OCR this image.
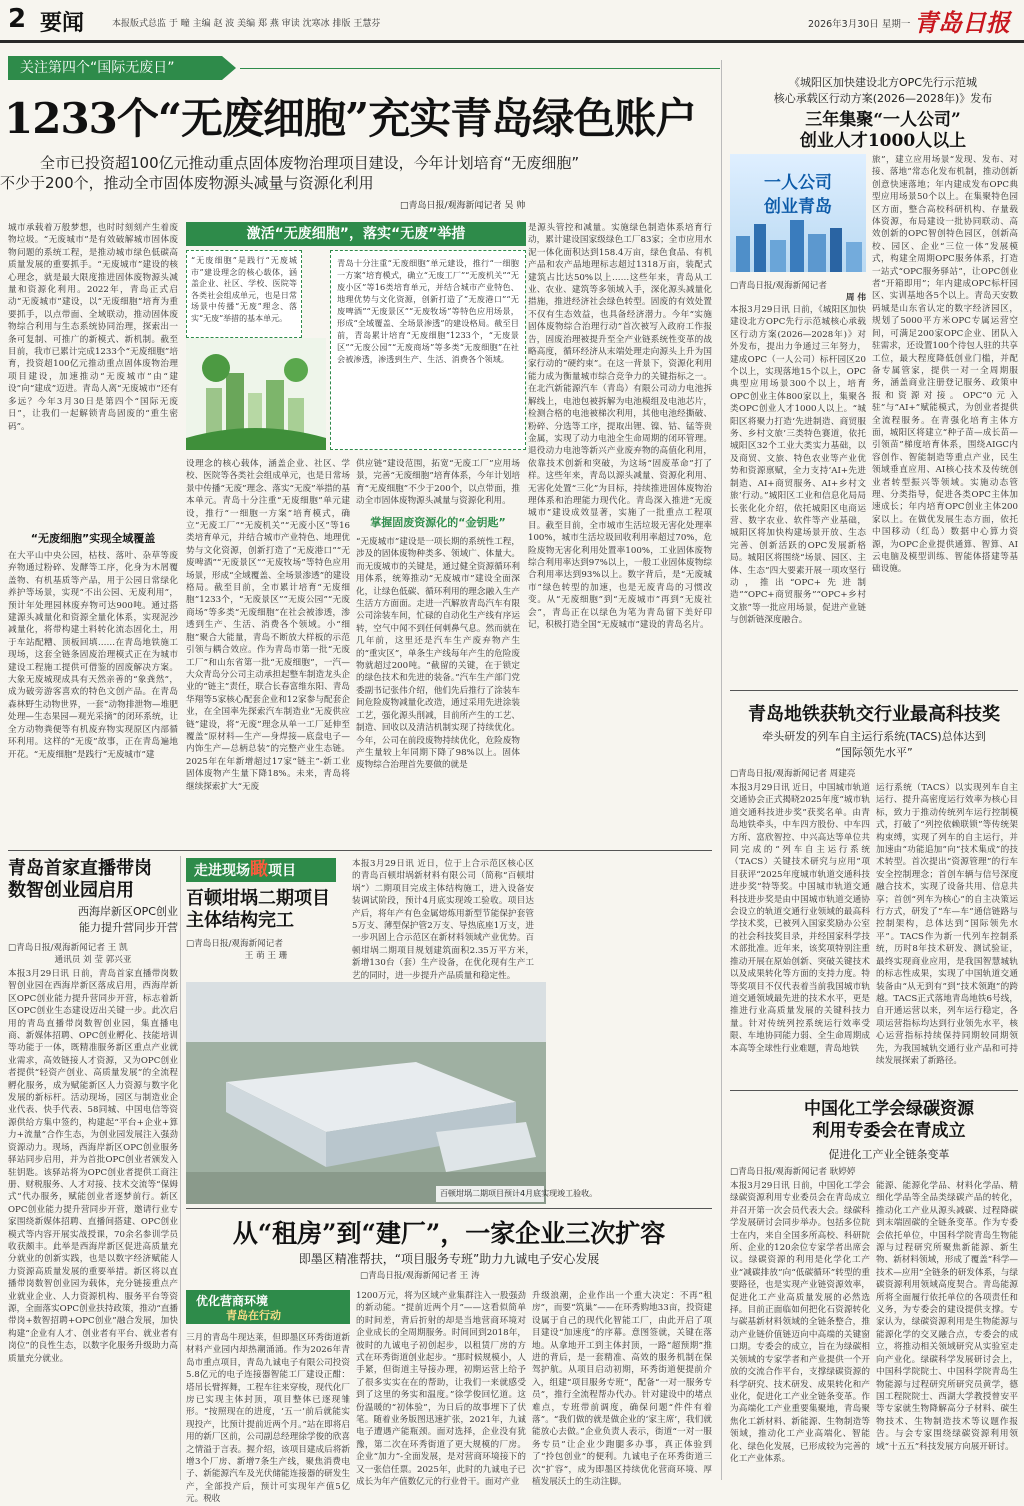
2 要闻	本报版式总监 于 疃 主编 赵 波 美编 郑 燕 审读 沈寒冰 排版 王慧芬	2026年3月30日 星期一 青岛日报
关注第四个“国际无废日”
1233个“无废细胞”充实青岛绿色账户
全市已投资超100亿元推动重点固体废物治理项目建设，今年计划培育“无废细胞”
不少于200个，推动全市固体废物源头减量与资源化利用
□青岛日报/观海新闻记者 吴 帅
城市承载着万般梦想，也时时刻刻产生着废物垃圾。“无废城市”是有效破解城市固体废物问题的系统工程，是推动城市绿色低碳高质量发展的重要抓手。“无废城市”建设的核心理念，就是最大限度推进固体废物源头减量和资源化利用。2022年，青岛正式启动“无废城市”建设，以“无废细胞”培育为重要抓手，以点带面、全域联动，推动固体废物综合利用与生态系统协同治理，探索出一条可复制、可推广的新模式、新机制。截至目前，我市已累计完成1233个“无废细胞”培育，投资超100亿元推动重点固体废物治理项目建设，加速推动“无废城市”由“建设”向“建成”迈进。青岛人离“无废城市”还有多远？今年3月30日是第四个“国际无废日”，让我们一起解锁青岛固废的“重生密码”。
“无废细胞”实现全域覆盖
在大平山中央公园，枯枝、落叶、杂草等废弃物通过粉碎、发酵等工序，化身为木屑覆盖物、有机基质等产品，用于公园日常绿化养护等场景，实现“不出公园、无废利用”，预计年处理园林废弃物可达900吨。通过搭建源头减量化和资源全量化体系，实现泥沙减量化，将带构建土料转化流态固化土，用于车站配糟、顶板回填……在青岛地铁施工现场，这套全链条固废治理模式正在为城市建设工程施工提供可借鉴的固废解决方案。大象无废城现成具有天然亲善的“象龚然”，成为破旁游客喜欢的特色文创产品。在青岛森林野生动物世界，一套“动物排泄物—堆肥处理—生态果园—观光采摘”的闭环系统，让全方动物粪便等有机废弃物实现原区内部循环利用。这样的“无废”故事，正在青岛遍地开花。“无废细胞”是践行“无废城市”建
激活“无废细胞”，落实“无废”举措
“无废细胞”是践行“无废城市”建设理念的核心载体，涵盖企业、社区、学校、医院等各类社会组成单元，也是日常场景中传播“无废”理念、落实“无废”举措的基本单元。
青岛十分注重“无废细胞”单元建设，推行“一细胞一方案”培育模式，确立“无废工厂”“无废机关”“无废小区”等16类培育单元，并结合城市产业特色、地理优势与文化资源，创新打造了“无废港口”“无废啤酒”“无废景区”“无废牧场”等特色应用场景，形成“全域覆盖、全场景渗透”的建设格局。截至目前，青岛累计培育“无废细胞”1233个，“无废景区”“无废公园”“无废商场”等多类“无废细胞”在社会被渗透，渗透到生产、生活、消费各个领域。
设理念的核心载体，涵盖企业、社区、学校、医院等各类社会组成单元，也是日常场景中传播“无废”理念、落实“无废”举措的基本单元。青岛十分注重“无废细胞”单元建设，推行“一细胞一方案”培育模式，确立“无废工厂”“无废机关”“无废小区”等16类培育单元，并结合城市产业特色、地理优势与文化资源，创新打造了“无废港口”“无废啤酒”“无废景区”“无废牧场”等特色应用场景，形成“全域覆盖、全场景渗透”的建设格局。截至目前，全市累计培育“无废细胞”1233个，“无废景区”“无废公园”“无废商场”等多类“无废细胞”在社会被渗透，渗透到生产、生活、消费各个领域。小“细胞”聚合大能量，青岛不断放大样板的示范引领与耦合效应。作为青岛市第一批“无废工厂”和山东省第一批“无废细胞”，一汽—大众青岛分公司主动承担起整车制造龙头企业的“链主”责任，联合长春富维东阳、青岛华翔等5家核心配套企业和12家参与配套企业，在全国率先探索汽车制造业“无废供应链”建设，将“无废”理念从单一工厂延伸至覆盖“原材料—生产—身焊接—底盘电子—内饰生产—总柄总装”的完整产业生态链。2025年在年新增超过17家“链主”-新工业固体废物产生量下降18%。未来，青岛将继续探索扩大“无废
供应链”建设范围，拓宽“无废工厂”应用场景，完善“无废细胞”培育体系，今年计划培育“无废细胞”不少于200个，以点带面，推动全市固体废物源头减量与资源化利用。
掌握固废资源化的“金钥匙”
“无废城市”建设是一项长期的系统性工程，涉及的固体废物种类多、领域广、体量大。而无废城市的关键是，通过健全资源循环利用体系，统筹推动“无废城市”建设全面深化，让绿色低碳、循环利用的理念融入生产生活方方面面。走进一汽解放青岛汽车有限公司涂装车间，忙碌的自动化生产线有序运转，空气中闻不到任何刺鼻气息。然而就在几年前，这里还是汽车生产废弃物产生的“重灾区”，单条生产线每年产生的危险废物就超过200吨。“截留的关键，在于锁定的绿色技术和先进的装备。”汽车生产部门党委副书记张伟介绍，他们先后推行了涂装车间危险废物减量化改造，通过采用先进涂装工艺，强化源头削减，目前所产生的工艺、制造、回收以及清洁机制实现了持续优化。今年，公司在前段废物持续优化，危险废物产生量较上年同期下降了98%以上。固体废物综合治理首先要做的就是
是源头管控和减量。实施绿色制造体系培育行动，累计建设国家级绿色工厂83家；全市应用水泥一体化面积达到158.4万亩，绿色食品、有机产品和农产品地理标志超过1318万亩，装配式建筑占比达50%以上……这些年来，青岛从工业、农业、建筑等多领域入手，深化源头减量化措施，推进经济社会绿色转型。固废的有效处置不仅有生态效益，也具备经济潜力。今年“实施固体废物综合治理行动”首次被写入政府工作报告，固废治理被提升至全产业链系统性变革的战略高度，循环经济从末端处理走向源头上升为国家行动的“硬约束”。在这一背景下，资源化利用能力成为衡量城市综合竞争力的关键指标之一。在北汽新能源汽车（青岛）有限公司动力电池拆解线上，电池包被拆解为电池模组及电池芯片，检测合格的电池被梯次利用，其他电池经撕破、粉碎、分选等工序，提取出锂、镍、钴、锰等贵金属，实现了动力电池全生命周期的闭环管理。退役动力电池等新兴产业废弃物的高值化利用，依靠技术创新和突破，为这场“固废革命”打了样。这些年来，青岛以源头减量、资源化利用、无害化处置“三化”为目标，持续推进固体废物治理体系和治理能力现代化。青岛深入推进“无废城市”建设成效显著，实施了一批重点工程项目。截至目前，全市城市生活垃圾无害化处理率100%，城市生活垃圾回收利用率超过70%，危险废物无害化利用处置率100%，工业固体废物综合利用率达到97%以上，一般工业固体废物综合利用率达到93%以上。数字背后，是“无废城市”绿色转型的加速，也是无废青岛的习惯改变。从“无废细胞”到“无废城市”再到“无废社会”，青岛正在以绿色为笔为青岛留下美好印记，积极打造全国“无废城市”建设的青岛名片。
《城阳区加快建设北方OPC先行示范城
核心承载区行动方案(2026—2028年)》发布
三年集聚“一人公司”
创业人才1000人以上
一人公司
创业青岛
□青岛日报/观海新闻记者
周 伟
本报3月29日讯 日前，《城阳区加快建设北方OPC先行示范城核心承载区行动方案(2026—2028年)》对外发布，提出力争通过三年努力，建成OPC（一人公司）标杆园区20个以上，实现落地15个以上，OPC典型应用场景300个以上，培育OPC创业主体800家以上，集聚各类OPC创业人才1000人以上。“城阳区将聚力打造‘先进制造、商贸服务、乡村文旅’三类特色赛道，依托城阳区32个工业大类实力基础，以及商贸、文旅、特色农业等产业优势和资源禀赋，全力支持‘AI+先进制造、AI+商贸服务、AI+乡村文旅’行动。”城阳区工业和信息化局局长张化化介绍，依托城阳区电商运营、数字农业、软件等产业基础，城阳区将加快构建场景开放、生态完善、创新活跃的OPC发展新格局。城阳区将围绕“场景、园区、主体、生态”四大要素开展一项攻坚行动，推出“OPC+先进制造”“OPC+商贸服务”“OPC+乡村文旅”等一批应用场景，促进产业链与创新链深度融合。
旅”，建立应用场景“发现、发布、对接、落地”常态化发布机制，推动创新创意快速落地；年内建成发布OPC典型应用场景50个以上。在集聚特色园区方面，整合高校科研机构、存量载体资源，布局建设一批协同联动、高效创新的OPC智创特色园区，创新高校、园区、企业“三位一体”发展模式，构建全周期OPC服务体系，打造一站式“OPC服务驿站”，让OPC创业者“开箱即用”；年内建成OPC标杆园区、实训基地各5个以上。青岛天安数码城是山东省认定的数字经济园区，规划了5000平方米OPC专属运营空间，可满足200家OPC企业、团队入驻需求，还设置100个待包人驻的共享工位，最大程度降低创业门槛，并配备专属管家，提供一对一全周期服务，涵盖商业注册登记服务、政策申报和资源对接。OPC“0元入驻”与“AI+”赋能模式，为创业者提供全流程服务。在青强化培育主体方面，城阳区将建立“种子苗—成长苗—引领苗”梯度培育体系，围绕AIGC内容创作、智能制造等重点产业，民生领域垂直应用、AI核心技术及传统创业者转型振兴等领域。实施动态管理、分类指导，促进各类OPC主体加速成长；年内培育OPC创业主体200家以上。在做优发展生态方面，依托中国移动（红岛）数据中心算力资源，为OPC企业提供通算、智算、AI云电脑及模型训练、智能体搭建等基础设施。
青岛地铁获轨交行业最高科技奖
牵头研发的列车自主运行系统(TACS)总体达到
“国际领先水平”
□青岛日报/观海新闻记者 周建亮
本报3月29日讯 近日，中国城市轨道交通协会正式揭晓2025年度“城市轨道交通科技进步奖”获奖名单。由青岛地铁牵头，中车四方股份、中车四方所、富欣智控、中兴高达等单位共同完成的“列车自主运行系统（TACS）关键技术研究与应用”项目获评“2025年度城市轨道交通科技进步奖”特等奖。中国城市轨道交通科技进步奖是由中国城市轨道交通协会设立的轨道交通行业领域的最高科学技术奖，已被列入国家奖励办公室的社会科技奖目录，并经国家科学技术部批准。近年来，该奖项特别注重推动开展在原始创新、突破关键技术以及成果转化等方面的支持力度。特等奖项目不仅代表着当前我国城市轨道交通领域最先进的技术水平，更是推进行业高质量发展的关键科技力量。针对传统列控系统运行效率受限、车地协同能力弱、全生命周期成本高等全球性行业难题，青岛地铁
运行系统（TACS）以实现列车自主运行、提升高密度运行效率为核心目标，致力于推动传统列车运行控制模式，打破了“列控依赖联锁”等传统架构束缚，实现了列车的自主运行，并加速由“功能追加”向“技术集成”的技术转型。首次提出“资源管理”的行车安全控制理念；首创车辆与信号深度融合技术，实现了设备共用、信息共享；首创“列车为核心”的自主决策运行方式，研发了“车—车”通信链路与控制架构，总体达到“国际领先水平”。TACS作为新一代列车控制系统，历时8年技术研发、测试验证，最终实现商业应用，是我国智慧城轨的标志性成果，实现了中国轨道交通装备由“从无到有”到“技术领跑”的跨越。TACS正式落地青岛地铁6号线，自开通运营以来，列车运行稳定，各项运营指标均达到行业领先水平，核心运营指标持续保持同期较同期领先，为我国城轨交通行业产品和可持续发展探索了新路径。
中国化工学会绿碳资源
利用专委会在青成立
促进化工产业全链条变革
□青岛日报/观海新闻记者 耿婷婷
本报3月29日讯 日前，中国化工学会绿碳资源利用专业委员会在青岛成立并召开第一次会员代表大会。绿碳科学发展研讨会同步举办。包括多位院士在内，来自全国多所高校、科研院所、企业的120余位专家学者出席会议。绿碳资源的利用是化学化工产业“减碳排放”向“低碳循环”转型的重要路径，也是实现产业链资源效率，促进化工产业高质量发展的必然选择。目前正面临如何把化石资源转化与碳基新材料领域的全链条整合，推动产业链价值链迈向中高端的关键窗口期。专委会的成立，旨在为绿碳相关领域的专家学者和产业提供一个开放的交流合作平台，支撑绿碳资源的科学研究、技术研发、成果转化和产业化，促进化工产业全链条变革。作为高端化工产业重要集聚地，青岛聚焦化工新材料、新能源、生物制造等领域，推动化工产业高端化、智能化、绿色化发展，已形成较为完善的化工产业体系。
能源、能源化学品、材料化学品、精细化学品等全品类绿碳产品的转化，推动化工产业从源头减碳、过程降碳到末端固碳的全链条变革。作为专委会依托单位，中国科学院青岛生物能源与过程研究所聚焦新能源、新生物、新材料领域，形成了覆盖“科学—技术—应用”全链条的研发体系，与绿碳资源利用领域高度契合。青岛能源所将全面履行依托单位的各项责任和义务，为专委会的建设提供支撑。专家认为，绿碳资源利用是生物能源与能源化学的交叉融合点，专委会的成立，将推动相关领域研究从实验室走向产业化。绿碳科学发展研讨会上，中国科学院院士、中国科学院青岛生物能源与过程研究所研究员黄学，德国工程院院士、西湖大学教授曾安平等专家就生物降解高分子材料、碳生物技术、生物制造技术等议题作报告。与会专家围绕绿碳资源利用领域“十五五”科技发展方向展开研讨。
青岛首家直播带岗
数智创业园启用
西海岸新区OPC创业
能力提升营同步开营
□青岛日报/观海新闻记者 王 凯
通讯员 刘 莹 郭兴亚
本报3月29日讯 日前，青岛首家直播带岗数智创业园在西海岸新区落成启用，西海岸新区OPC创业能力提升营同步开营，标志着新区OPC创业生态建设迈出关键一步。此次启用的青岛直播带岗数智创业园，集直播电商、新媒体招聘、OPC创业孵化、技能培训等功能于一体，既精准服务新区重点产业就业需求，高效链接人才资源，又为OPC创业者提供“轻资产创业、高质量发展”的全流程孵化服务，成为赋能新区人力资源与数字化发展的新标杆。活动现场，园区与制造业企业代表、快手代表、58同城、中国电信等资源供给方集中签约，构建起“平台+企业+算力+流量”合作生态，为创业园发展注入强劲资源动力。现场，西海岸新区OPC创业服务驿站同步启用，并为首批OPC创业者颁发入驻钥匙。该驿站将为OPC创业者提供工商注册、财税服务、人才对接、技术交流等“保姆式”代办服务，赋能创业者逐梦前行。新区OPC创业能力提升营同步开营，邀请行业专家围绕新媒体招聘、直播间搭建、OPC创业模式等内容开展实战授课，70余名参训学员收获颇丰。此举是西海岸新区促进高质量充分就业的创新实践，也是以数字经济赋能人力资源高质量发展的重要举措。新区将以直播带岗数智创业园为载体，充分链接重点产业就业企业、人力资源机构、服务平台等资源，全面落实OPC创业扶持政策，推动“直播带岗+数智招聘+OPC创业”融合发展，加快构建“企业有人才、创业者有平台、就业者有岗位”的良性生态，以数字化服务升级助力高质量充分就业。
走进现场瞰项目
百顿坩埚二期项目
主体结构完工
□青岛日报/观海新闻记者
王 萌 王 珊
本报3月29日讯 近日，位于上合示范区核心区的青岛百顿坩埚新材料有限公司（简称“百顿坩埚”）二期项目完成主体结构施工，进入设备安装调试阶段，预计4月底实现竣工验收。项目达产后，将年产有色金属熔炼用新型节能保护套管5万支、薄型保护管2万支、导热底座1万支，进一步巩固上合示范区在新材料领域产业优势。百顿坩埚二期项目规划建筑面积2.35万平方米，新增130台（套）生产设备，在优化现有生产工艺的同时，进一步提升产品质量和稳定性。
百顿坩埚二期项目预计4月底实现竣工验收。
从“租房”到“建厂”，一家企业三次扩容
即墨区精准帮扶，“项目服务专班”助力九诚电子安心发展
□青岛日报/观海新闻记者 王 涛
优化营商环境
青岛在行动
三月的青岛牛现达莱，但即墨区环秀街道新材料产业园内却热潮涌涌。作为2026年青岛市重点项目，青岛九诚电子有限公司投资5.8亿元的电子连接器智能工厂建设正酣：塔吊长臂挥舞，工程车往来穿梭，现代化厂房已实现主体封顶，项目整体已逐现雏形。“按照现在的进度，‘五一’前后就能实现投产，比预计提前近两个月。”站在即将启用的新厂区前，公司副总经理徐学俊的欣喜之情溢于言表。握介绍，该项目建成后将新增3个厂房、新增7条生产线，聚焦消费电子、新能源汽车及光伏储能连接器的研发生产，全部投产后，预计可实现年产值5亿元。税收
1200万元，将为区域产业集群注入一股强劲的新动能。“提前近两个月”——这看似简单的时间差，背后折射的却是当地营商环境对企业成长的全周期服务。时间回到2018年，彼时的九诚电子初创起步，以租赁厂房的方式在环秀街道创业起步。“那时候规模小，人手紧，但街道主导接办理，初期运营上给予了很多实实在在的帮助，让我们一来就感受到了这里的务实和温度。”徐学俊回忆道。这份温暖的“初体验”，为日后的故事埋下了伏笔。随着业务版图迅速扩张，2021年，九诚电子遭遇产能瓶颈。面对选择，企业没有犹豫，第二次在环秀街道了更大规模的厂房。企业“加力”-全面发展，是对营商环境接下的又一张信任票。2025年，此时的九诚电子已成长为年产值数亿元的行业骨干。面对产业
升级浪潮，企业作出一个重大决定：不再“租房”，而要“筑巢”——在环秀购地33亩，投资建设属于自己的现代化智能工厂，由此开启了项目建设“加速度”的序幕。意图签就，关键在落地。从拿地开工到主体封顶，一路“超预期”推进的背后，是一套精准、高效的服务机制在保驾护航。从项目启动初期，环秀街道便提前介入，组建“项目服务专班”，配备“一对一服务专员”，推行全流程帮办代办。针对建设中的堵点难点，专班带前调度，确保问题“件件有着落”。“我们做的就是做企业的‘家主席’，我们就能放心去做。”企业负责人表示，街道“一对一服务专员”让企业少跑腿多办事，真正体验到了“拎包创业”的便利。九诚电子在环秀街道三次“扩容”，成为即墨区持续优化营商环境、厚植发展沃土的生动注脚。
